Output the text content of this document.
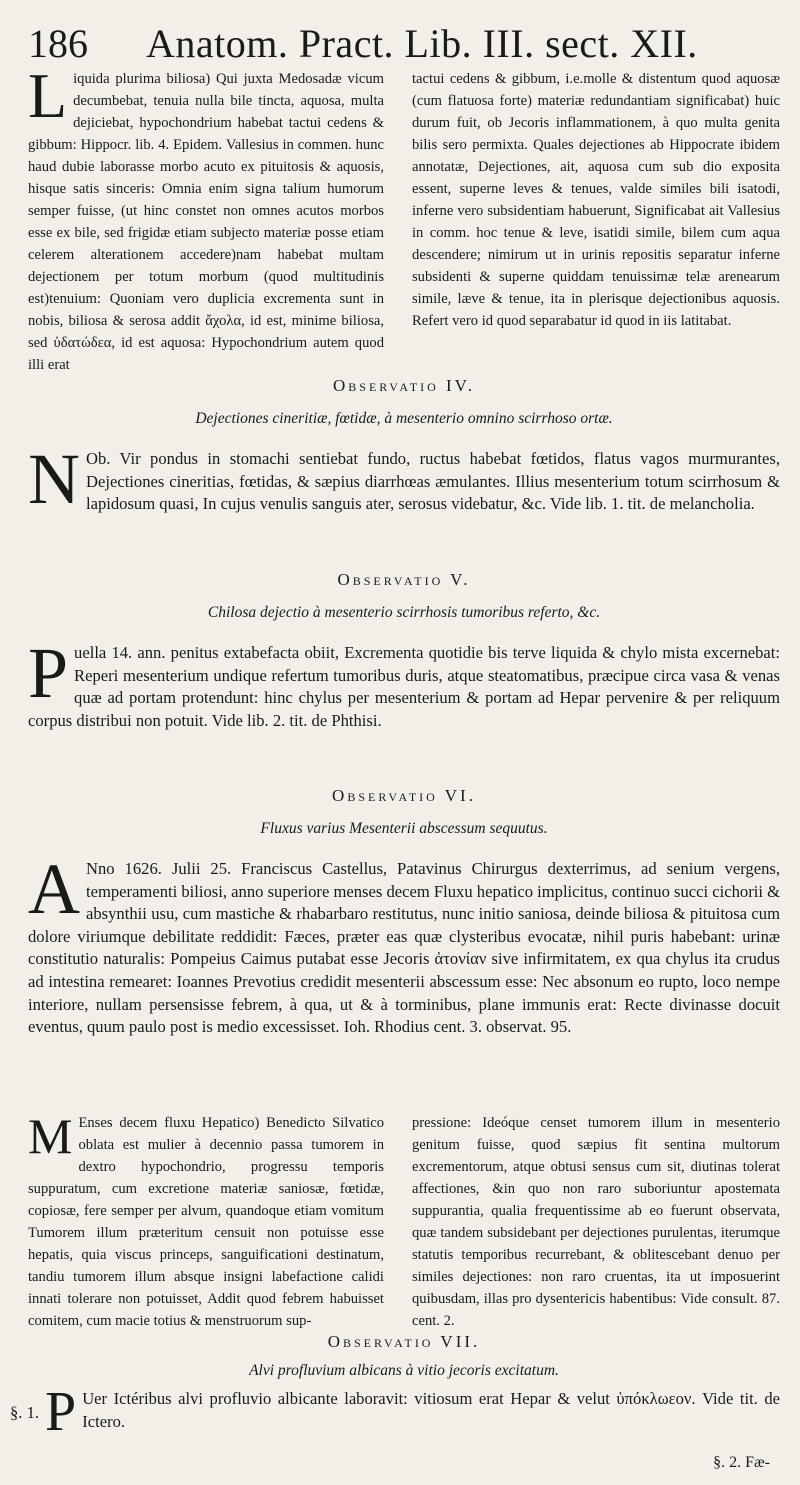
186 Anatom. Pract. Lib. III. sect. XII.

Liquida plurima biliosa) Qui juxta Medosadæ vicum decumbebat, tenuia nulla bile tincta, aquosa, multa dejiciebat, hypochondrium habebat tactui cedens & gibbum: Hippocr. lib. 4. Epidem. Vallesius in commen. hunc haud dubie laborasse morbo acuto ex pituitosis & aquosis, hisque satis sinceris: Omnia enim signa talium humorum semper fuisse, (ut hinc constet non omnes acutos morbos esse ex bile, sed frigidæ etiam subjecto materiæ posse etiam celerem alterationem accedere)nam habebat multam dejectionem per totum morbum (quod multitudinis est)tenuium: Quoniam vero duplicia excrementa sunt in nobis, biliosa & serosa addit ἄχολα, id est, minime biliosa, sed ὑδατώδεα, id est aquosa: Hypochondrium autem quod illi erat

tactui cedens & gibbum, i.e.molle & distentum quod aquosæ (cum flatuosa forte) materiæ redundantiam significabat) huic durum fuit, ob Jecoris inflammationem, à quo multa genita bilis sero permixta. Quales dejectiones ab Hippocrate ibidem annotatæ, Dejectiones, ait, aquosa cum sub dio exposita essent, superne leves & tenues, valde similes bili isatodi, inferne vero subsidentiam habuerunt, Significabat ait Vallesius in comm. hoc tenue & leve, isatidi simile, bilem cum aqua descendere; nimirum ut in urinis repositis separatur inferne subsidenti & superne quiddam tenuissimæ telæ arenearum simile, læve & tenue, ita in plerisque dejectionibus aquosis. Refert vero id quod separabatur id quod in iis latitabat.

Observatio IV.

Dejectiones cineritiæ, fœtidæ, à mesenterio omnino scirrhoso ortæ.

N Ob. Vir pondus in stomachi sentiebat fundo, ructus habebat fœtidos, flatus vagos murmurantes, Dejectiones cineritias, fœtidas, & sæpius diarrhœas æmulantes. Illius mesenterium totum scirrhosum & lapidosum quasi, In cujus venulis sanguis ater, serosus videbatur, &c. Vide lib. 1. tit. de melancholia.

Observatio V.

Chilosa dejectio à mesenterio scirrhosis tumoribus referto, &c.

Puella 14. ann. penitus extabefacta obiit, Excrementa quotidie bis terve liquida & chylo mista excernebat: Reperi mesenterium undique refertum tumoribus duris, atque steatomatibus, præcipue circa vasa & venas quæ ad portam protendunt: hinc chylus per mesenterium & portam ad Hepar pervenire & per reliquum corpus distribui non potuit. Vide lib. 2. tit. de Phthisi.

Observatio VI.

Fluxus varius Mesenterii abscessum sequutus.

A Nno 1626. Julii 25. Franciscus Castellus, Patavinus Chirurgus dexterrimus, ad senium vergens, temperamenti biliosi, anno superiore menses decem Fluxu hepatico implicitus, continuo succi cichorii & absynthii usu, cum mastiche & rhabarbaro restitutus, nunc initio saniosa, deinde biliosa & pituitosa cum dolore viriumque debilitate reddidit: Fæces, præter eas quæ clysteribus evocatæ, nihil puris habebant: urinæ constitutio naturalis: Pompeius Caimus putabat esse Jecoris ἀτονίαν sive infirmitatem, ex qua chylus ita crudus ad intestina remearet: Ioannes Prevotius credidit mesenterii abscessum esse: Nec absonum eo rupto, loco nempe interiore, nullam persensisse febrem, à qua, ut & à torminibus, plane immunis erat: Recte divinasse docuit eventus, quum paulo post is medio excessisset. Ioh. Rhodius cent. 3. observat. 95.

M Enses decem fluxu Hepatico) Benedicto Silvatico oblata est mulier à decennio passa tumorem in dextro hypochondrio, progressu temporis suppuratum, cum excretione materiæ saniosæ, fœtidæ, copiosæ, fere semper per alvum, quandoque etiam vomitum Tumorem illum præteritum censuit non potuisse esse hepatis, quia viscus princeps, sanguificationi destinatum, tandiu tumorem illum absque insigni labefactione calidi innati tolerare non potuisset, Addit quod febrem habuisset comitem, cum macie totius & menstruorum sup-

pressione: Ideóque censet tumorem illum in mesenterio genitum fuisse, quod sæpius fit sentina multorum excrementorum, atque obtusi sensus cum sit, diutinas tolerat affectiones, &in quo non raro suboriuntur apostemata suppurantia, qualia frequentissime ab eo fuerunt observata, quæ tandem subsidebant per dejectiones purulentas, iterumque statutis temporibus recurrebant, & oblitescebant denuo per similes dejectiones: non raro cruentas, ita ut imposuerint quibusdam, illas pro dysentericis habentibus: Vide consult. 87. cent. 2.

Observatio VII.

Alvi profluvium albicans à vitio jecoris excitatum.

§. 1. P Uer Ictéribus alvi profluvio albicante laboravit: vitiosum erat Hepar & velut ὑπόκλωεον. Vide tit. de Ictero.

§. 2. Fæ-
